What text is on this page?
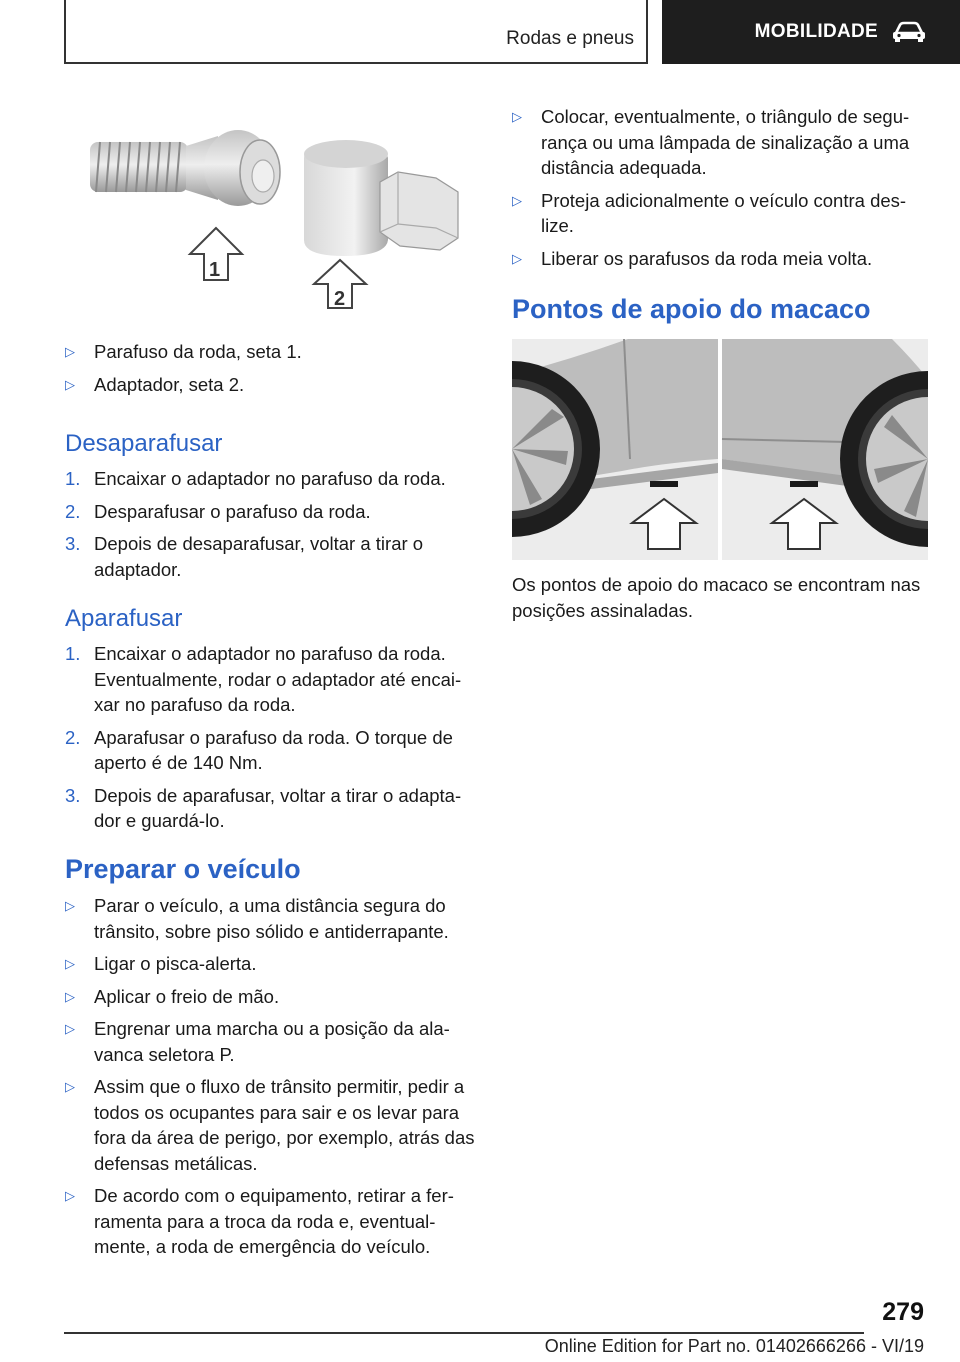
Rodas e pneus	MOBILIDADE
1
2
▷ Parafuso da roda, seta 1.
▷ Adaptador, seta 2.
Desaparafusar
1. Encaixar o adaptador no parafuso da roda.
2. Desparafusar o parafuso da roda.
3. Depois de desaparafusar, voltar a tirar o adaptador.
Aparafusar
1. Encaixar o adaptador no parafuso da roda. Eventualmente, rodar o adaptador até encai-xar no parafuso da roda.
2. Aparafusar o parafuso da roda. O torque de aperto é de 140 Nm.
3. Depois de aparafusar, voltar a tirar o adapta-dor e guardá-lo.
Preparar o veículo
▷ Parar o veículo, a uma distância segura do trânsito, sobre piso sólido e antiderrapante.
▷ Ligar o pisca-alerta.
▷ Aplicar o freio de mão.
▷ Engrenar uma marcha ou a posição da ala-vanca seletora P.
▷ Assim que o fluxo de trânsito permitir, pedir a todos os ocupantes para sair e os levar para fora da área de perigo, por exemplo, atrás das defensas metálicas.
▷ De acordo com o equipamento, retirar a fer-ramenta para a troca da roda e, eventual-mente, a roda de emergência do veículo.
▷ Colocar, eventualmente, o triângulo de segu-rança ou uma lâmpada de sinalização a uma distância adequada.
▷ Proteja adicionalmente o veículo contra des-lize.
▷ Liberar os parafusos da roda meia volta.
Pontos de apoio do macaco

Os pontos de apoio do macaco se encontram nas posições assinaladas.

279
Online Edition for Part no. 01402666266 - VI/19
